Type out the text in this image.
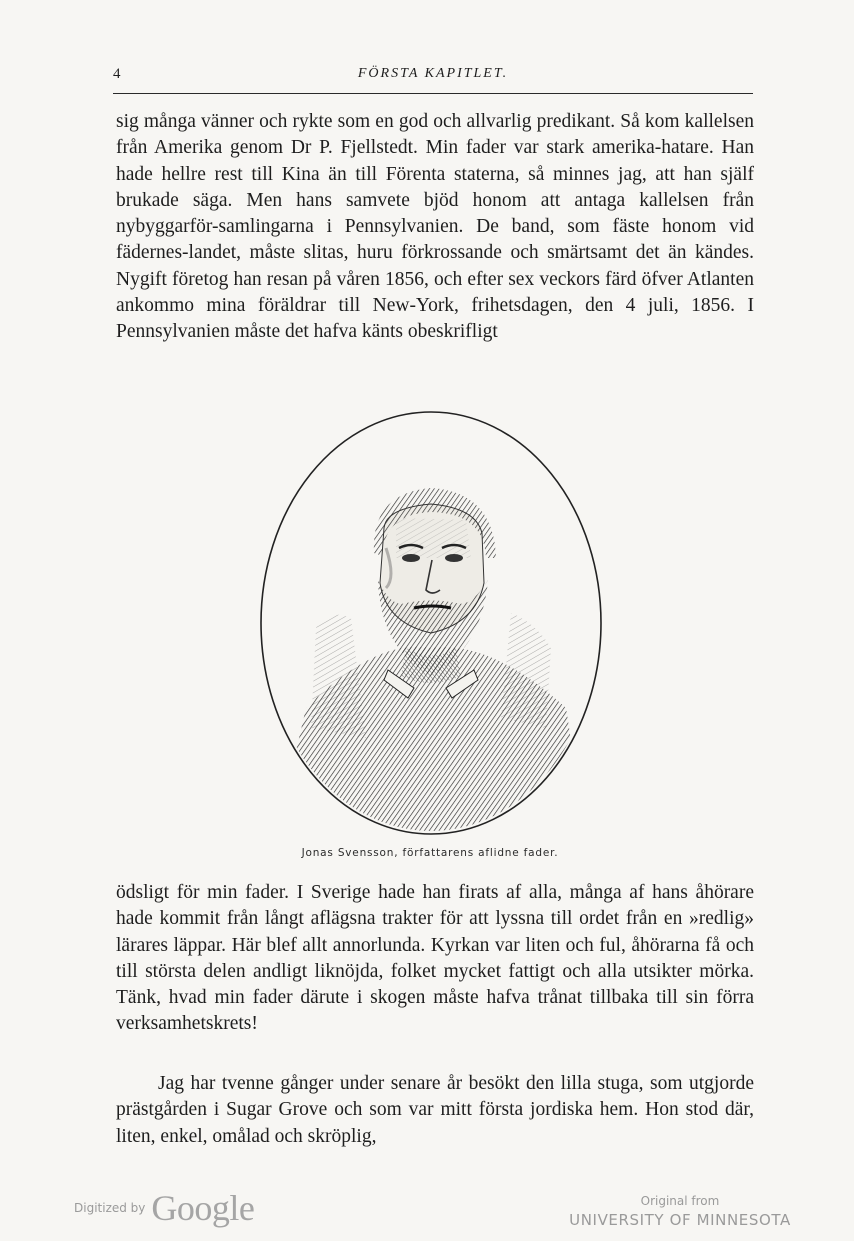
4	FÖRSTA KAPITLET.

sig många vänner och rykte som en god och allvarlig predikant. Så kom kallelsen från Amerika genom Dr P. Fjellstedt. Min fader var stark amerika-hatare. Han hade hellre rest till Kina än till Förenta staterna, så minnes jag, att han själf brukade säga. Men hans samvete bjöd honom att antaga kallelsen från nybyggarför-samlingarna i Pennsylvanien. De band, som fäste honom vid fädernes-landet, måste slitas, huru förkrossande och smärtsamt det än kändes. Nygift företog han resan på våren 1856, och efter sex veckors färd öfver Atlanten ankommo mina föräldrar till New-York, frihetsdagen, den 4 juli, 1856. I Pennsylvanien måste det hafva känts obeskrifligt

Jonas Svensson, författarens aflidne fader.

ödsligt för min fader. I Sverige hade han firats af alla, många af hans åhörare hade kommit från långt aflägsna trakter för att lyssna till ordet från en »redlig» lärares läppar. Här blef allt annorlunda. Kyrkan var liten och ful, åhörarna få och till största delen andligt liknöjda, folket mycket fattigt och alla utsikter mörka. Tänk, hvad min fader därute i skogen måste hafva trånat tillbaka till sin förra verksamhetskrets!

Jag har tvenne gånger under senare år besökt den lilla stuga, som utgjorde prästgården i Sugar Grove och som var mitt första jordiska hem. Hon stod där, liten, enkel, omålad och skröplig,

Digitized by Google	Original from
UNIVERSITY OF MINNESOTA
